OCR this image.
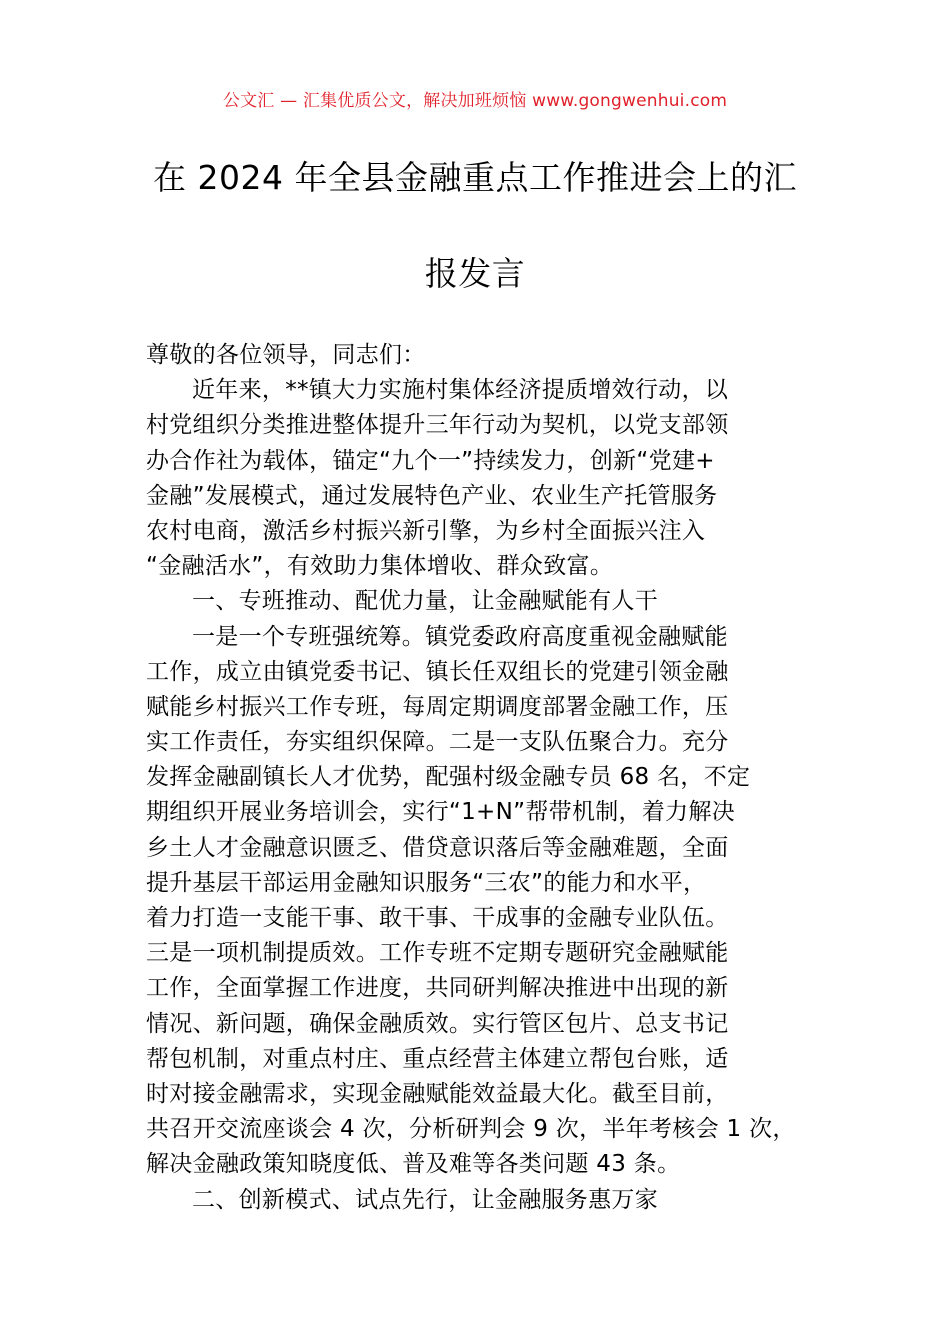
公文汇 — 汇集优质公文，解决加班烦恼 www.gongwenhui.com
在 2024 年全县金融重点工作推进会上的汇
报发言
尊敬的各位领导，同志们：
近年来，**镇大力实施村集体经济提质增效行动，以
村党组织分类推进整体提升三年行动为契机，以党支部领
办合作社为载体，锚定“九个一”持续发力，创新“党建+
金融”发展模式，通过发展特色产业、农业生产托管服务
农村电商，激活乡村振兴新引擎，为乡村全面振兴注入
“金融活水”，有效助力集体增收、群众致富。
一、专班推动、配优力量，让金融赋能有人干
一是一个专班强统筹。镇党委政府高度重视金融赋能
工作，成立由镇党委书记、镇长任双组长的党建引领金融
赋能乡村振兴工作专班，每周定期调度部署金融工作，压
实工作责任，夯实组织保障。二是一支队伍聚合力。充分
发挥金融副镇长人才优势，配强村级金融专员 68 名，不定
期组织开展业务培训会，实行“1+N”帮带机制，着力解决
乡土人才金融意识匮乏、借贷意识落后等金融难题，全面
提升基层干部运用金融知识服务“三农”的能力和水平，
着力打造一支能干事、敢干事、干成事的金融专业队伍。
三是一项机制提质效。工作专班不定期专题研究金融赋能
工作，全面掌握工作进度，共同研判解决推进中出现的新
情况、新问题，确保金融质效。实行管区包片、总支书记
帮包机制，对重点村庄、重点经营主体建立帮包台账，适
时对接金融需求，实现金融赋能效益最大化。截至目前，
共召开交流座谈会 4 次，分析研判会 9 次，半年考核会 1 次，
解决金融政策知晓度低、普及难等各类问题 43 条。
二、创新模式、试点先行，让金融服务惠万家
